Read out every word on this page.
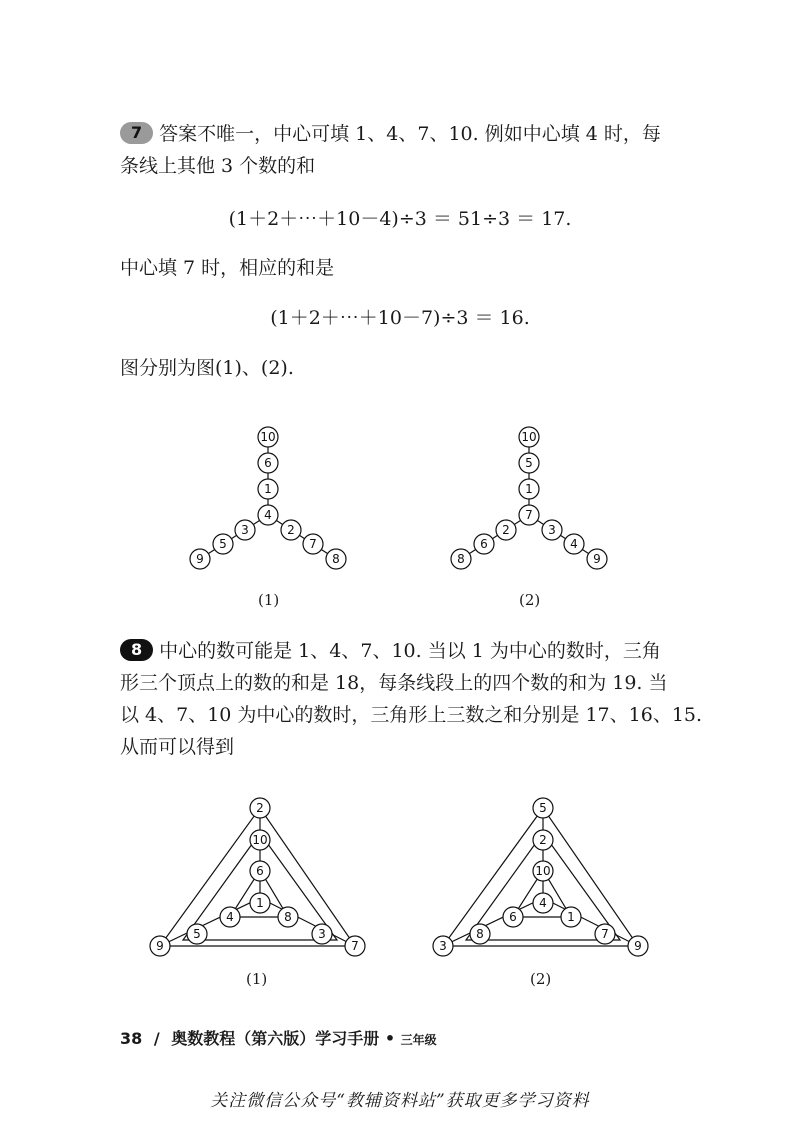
7 答案不唯一，中心可填 1、4、7、10. 例如中心填 4 时，每
条线上其他 3 个数的和
(1＋2＋⋯＋10－4)÷3 ＝ 51÷3 ＝ 17.
中心填 7 时，相应的和是
(1＋2＋⋯＋10－7)÷3 ＝ 16.
图分别为图(1)、(2).
10
6
1
4
3
5
9
2
7
8
(1)
10
5
1
7
2
6
8
3
4
9
(2)
8 中心的数可能是 1、4、7、10. 当以 1 为中心的数时，三角
形三个顶点上的数的和是 18，每条线段上的四个数的和为 19. 当
以 4、7、10 为中心的数时，三角形上三数之和分别是 17、16、15.
从而可以得到
2
10
6
1
4
5
9
8
3
7
(1)
5
2
10
4
6
8
3
1
7
9
(2)
38 / 奥数教程（第六版）学习手册 • 三年级
关注微信公众号“教辅资料站”获取更多学习资料
